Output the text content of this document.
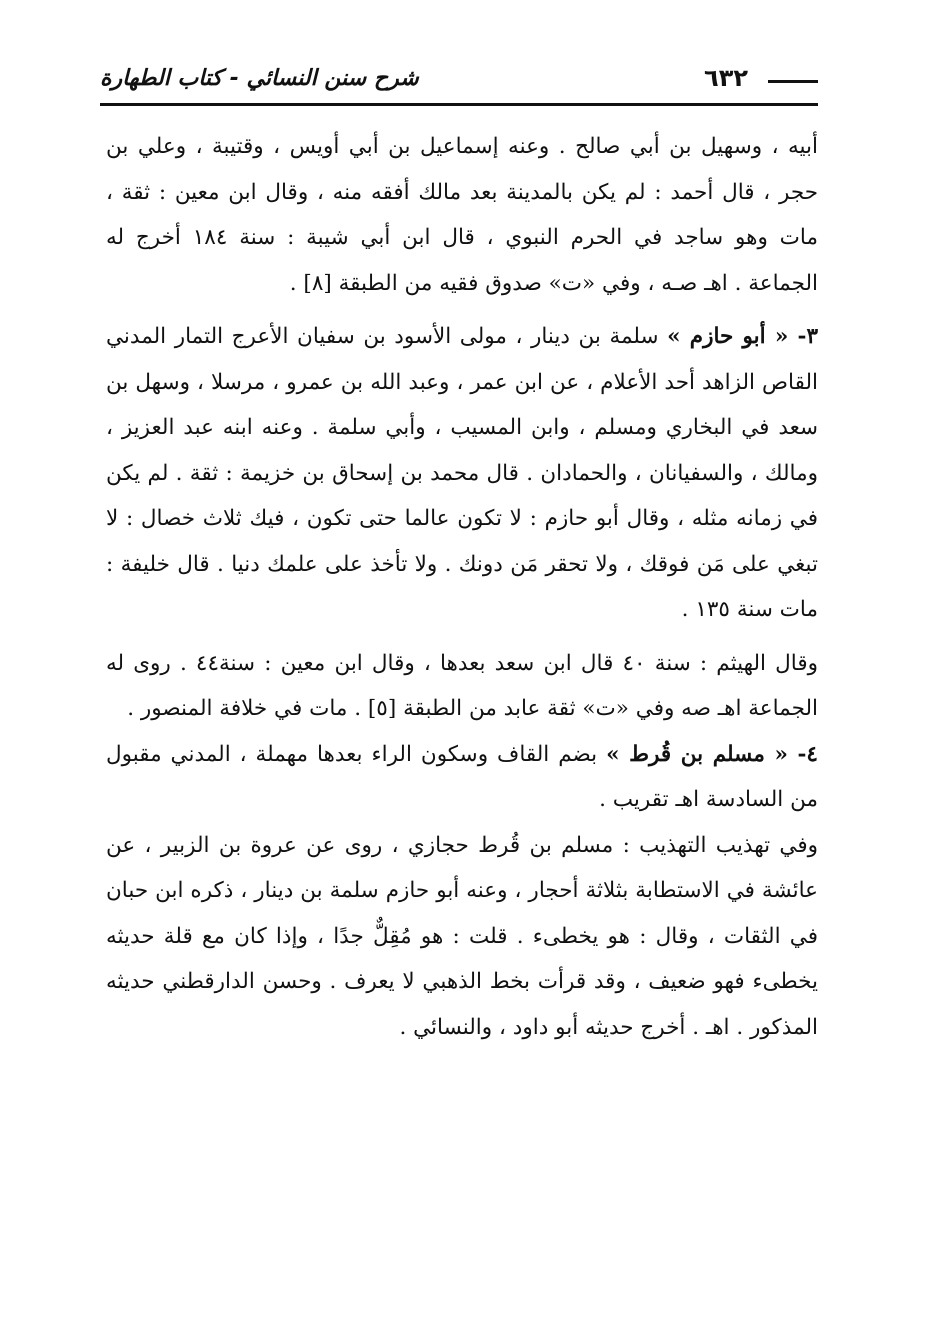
شرح سنن النسائي - كتاب الطهارة	٦٣٢

أبيه ، وسهيل بن أبي صالح . وعنه إسماعيل بن أبي أويس ، وقتيبة ، وعلي بن حجر ، قال أحمد : لم يكن بالمدينة بعد مالك أفقه منه ، وقال ابن معين : ثقة ، مات وهو ساجد في الحرم النبوي ، قال ابن أبي شيبة : سنة ١٨٤ أخرج له الجماعة . اهـ صـه ، وفي «ت» صدوق فقيه من الطبقة [٨] .

٣- « أبو حازم » سلمة بن دينار ، مولى الأسود بن سفيان الأعرج التمار المدني القاص الزاهد أحد الأعلام ، عن ابن عمر ، وعبد الله بن عمرو ، مرسلا ، وسهل بن سعد في البخاري ومسلم ، وابن المسيب ، وأبي سلمة . وعنه ابنه عبد العزيز ، ومالك ، والسفيانان ، والحمادان . قال محمد بن إسحاق بن خزيمة : ثقة . لم يكن في زمانه مثله ، وقال أبو حازم : لا تكون عالما حتى تكون ، فيك ثلاث خصال : لا تبغي على مَن فوقك ، ولا تحقر مَن دونك . ولا تأخذ على علمك دنيا . قال خليفة : مات سنة ١٣٥ .

وقال الهيثم : سنة ٤٠ قال ابن سعد بعدها ، وقال ابن معين : سنة٤٤ . روى له الجماعة اهـ صه وفي «ت» ثقة عابد من الطبقة [٥] . مات في خلافة المنصور .

٤- « مسلم بن قُرط » بضم القاف وسكون الراء بعدها مهملة ، المدني مقبول من السادسة اهـ تقريب .

وفي تهذيب التهذيب : مسلم بن قُرط حجازي ، روى عن عروة بن الزبير ، عن عائشة في الاستطابة بثلاثة أحجار ، وعنه أبو حازم سلمة بن دينار ، ذكره ابن حبان في الثقات ، وقال : هو يخطىء . قلت : هو مُقِلٌّ جدًا ، وإذا كان مع قلة حديثه يخطىء فهو ضعيف ، وقد قرأت بخط الذهبي لا يعرف . وحسن الدارقطني حديثه المذكور . اهـ . أخرج حديثه أبو داود ، والنسائي .
